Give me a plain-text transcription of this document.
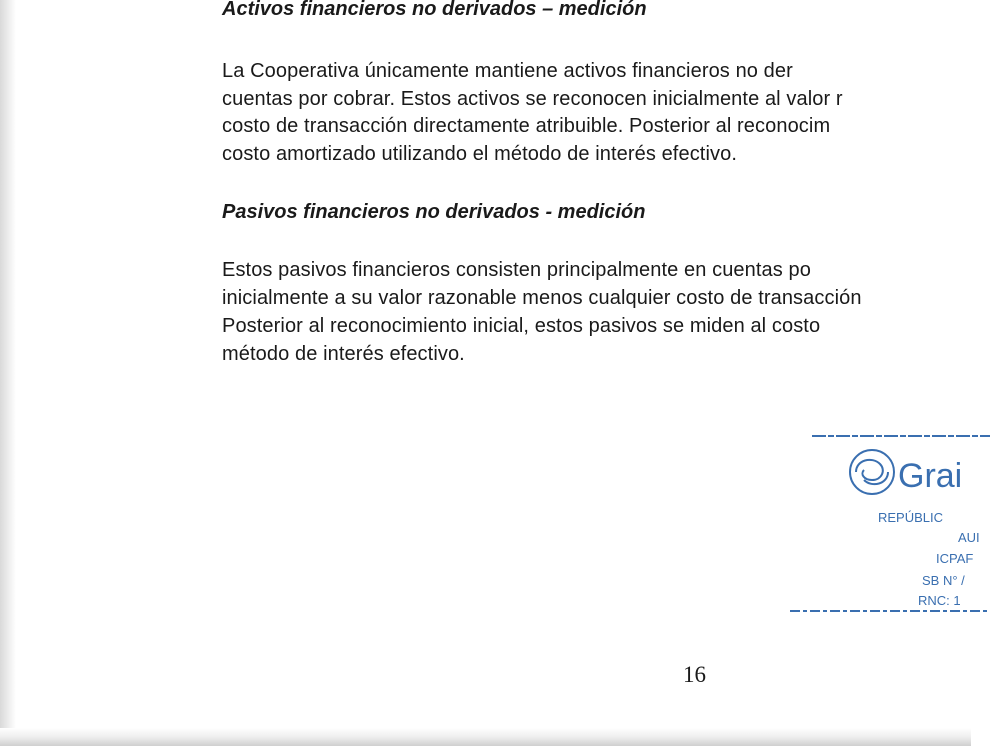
Activos financieros no derivados – medición

La Cooperativa únicamente mantiene activos financieros no der

cuentas por cobrar. Estos activos se reconocen inicialmente al valor r

costo de transacción directamente atribuible. Posterior al reconocim

costo amortizado utilizando el método de interés efectivo.

Pasivos financieros no derivados - medición

Estos pasivos financieros consisten principalmente en cuentas po

inicialmente a su valor razonable menos cualquier costo de transacción

Posterior al reconocimiento inicial, estos pasivos se miden al costo

método de interés efectivo.

Grai
REPÚBLIC
AUI
ICPAF
SB N° /
RNC: 1
16
